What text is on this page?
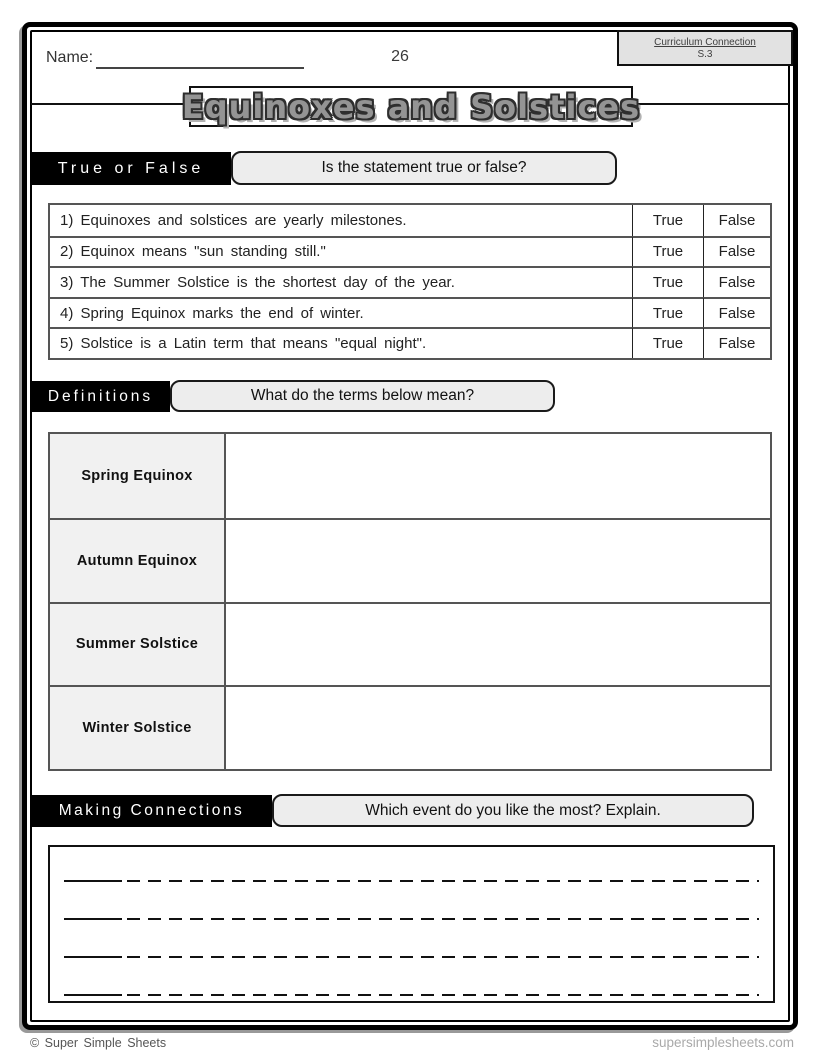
Name:	26
Curriculum Connection
S.3
Equinoxes and Solstices
True or False	Is the statement true or false?
1) Equinoxes and solstices are yearly milestones.	True	False
2) Equinox means "sun standing still."	True	False
3) The Summer Solstice is the shortest day of the year.	True	False
4) Spring Equinox marks the end of winter.	True	False
5) Solstice is a Latin term that means "equal night".	True	False
Definitions	What do the terms below mean?
Spring Equinox
Autumn Equinox
Summer Solstice
Winter Solstice
Making Connections	Which event do you like the most? Explain.
© Super Simple Sheets	supersimplesheets.com
